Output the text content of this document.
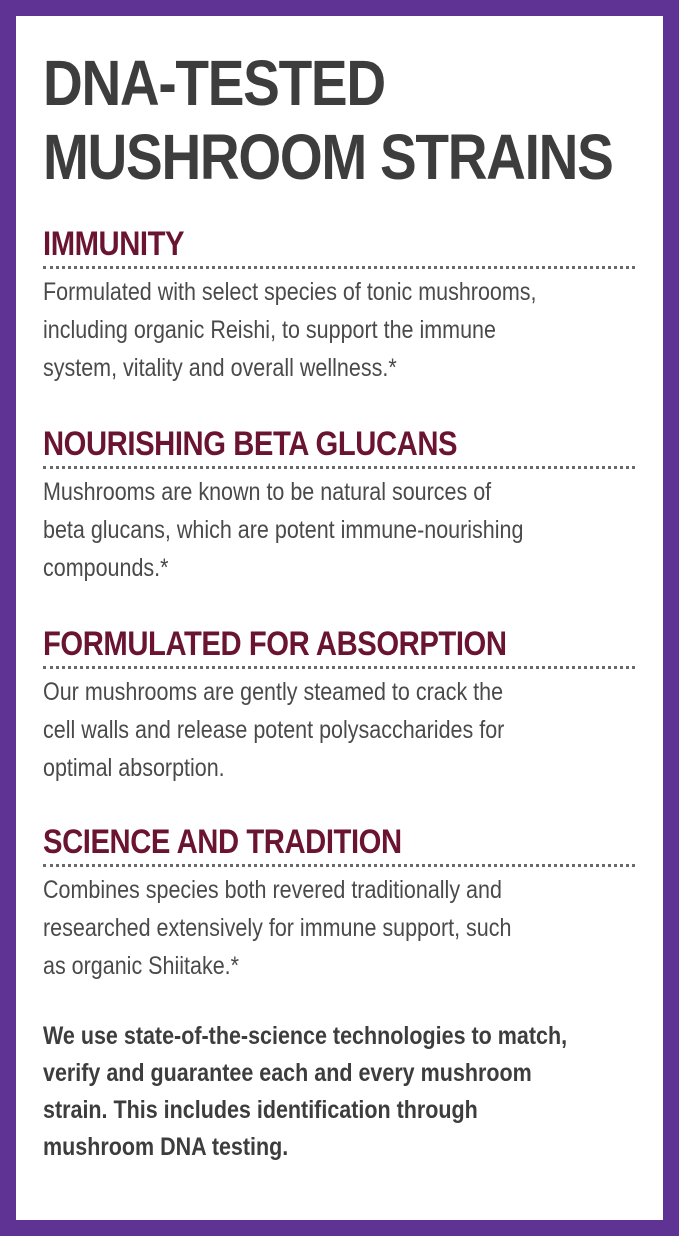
DNA-TESTED
MUSHROOM STRAINS
IMMUNITY
Formulated with select species of tonic mushrooms,
including organic Reishi, to support the immune
system, vitality and overall wellness.*
NOURISHING BETA GLUCANS
Mushrooms are known to be natural sources of
beta glucans, which are potent immune-nourishing
compounds.*
FORMULATED FOR ABSORPTION
Our mushrooms are gently steamed to crack the
cell walls and release potent polysaccharides for
optimal absorption.
SCIENCE AND TRADITION
Combines species both revered traditionally and
researched extensively for immune support, such
as organic Shiitake.*
We use state-of-the-science technologies to match,
verify and guarantee each and every mushroom
strain. This includes identification through
mushroom DNA testing.
